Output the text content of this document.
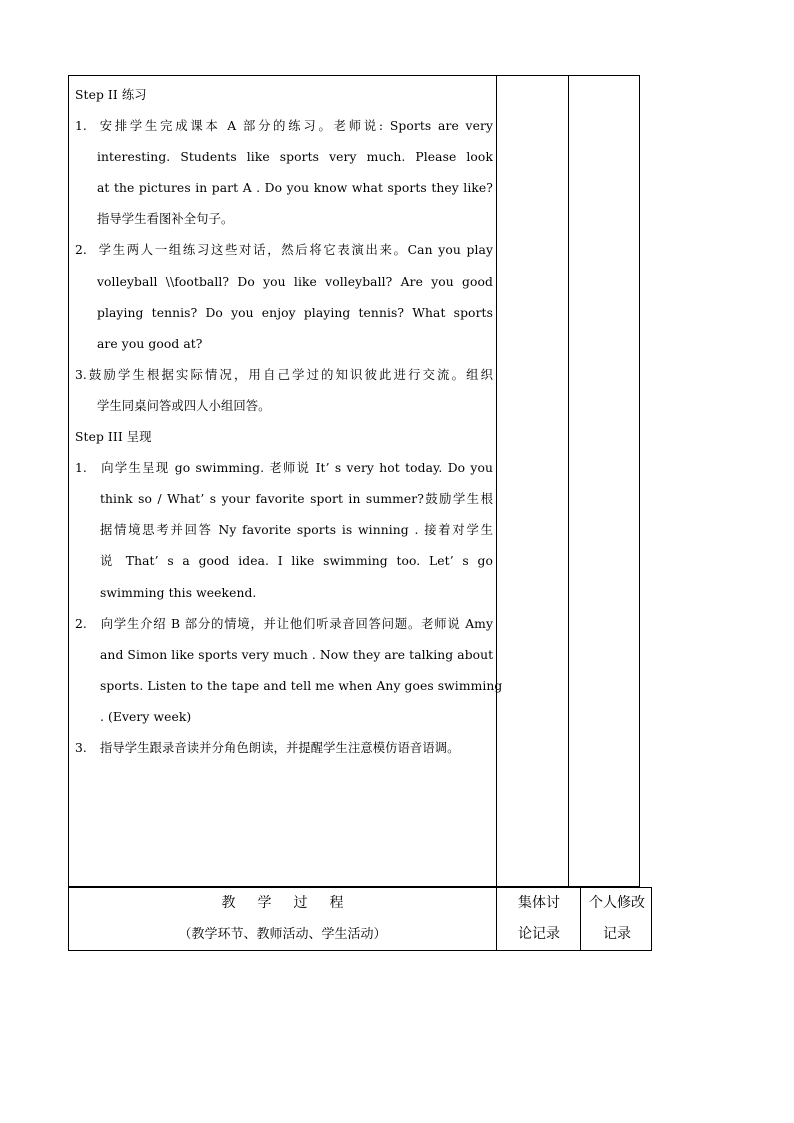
Step II 练习
1. 安排学生完成课本 A 部分的练习。老师说: Sports are very
interesting. Students like sports very much. Please look
at the pictures in part A . Do you know what sports they like?
指导学生看图补全句子。
2. 学生两人一组练习这些对话，然后将它表演出来。Can you play
volleyball \\football? Do you like volleyball? Are you good
playing tennis? Do you enjoy playing tennis? What sports
are you good at?
3.鼓励学生根据实际情况，用自己学过的知识彼此进行交流。组织
学生同桌问答或四人小组回答。
Step III 呈现
1. 向学生呈现 go swimming. 老师说 It’ s very hot today. Do you
think so / What’ s your favorite sport in summer?鼓励学生根
据情境思考并回答 Ny favorite sports is winning . 接着对学生
说 That’ s a good idea. I like swimming too. Let’ s go
swimming this weekend.
2. 向学生介绍 B 部分的情境，并让他们听录音回答问题。老师说 Amy
and Simon like sports very much . Now they are talking about
sports. Listen to the tape and tell me when Any goes swimming
. (Every week)
3. 指导学生跟录音读并分角色朗读，并提醒学生注意模仿语音语调。
教学过程
（教学环节、教师活动、学生活动）
集体讨
论记录
个人修改
记录
